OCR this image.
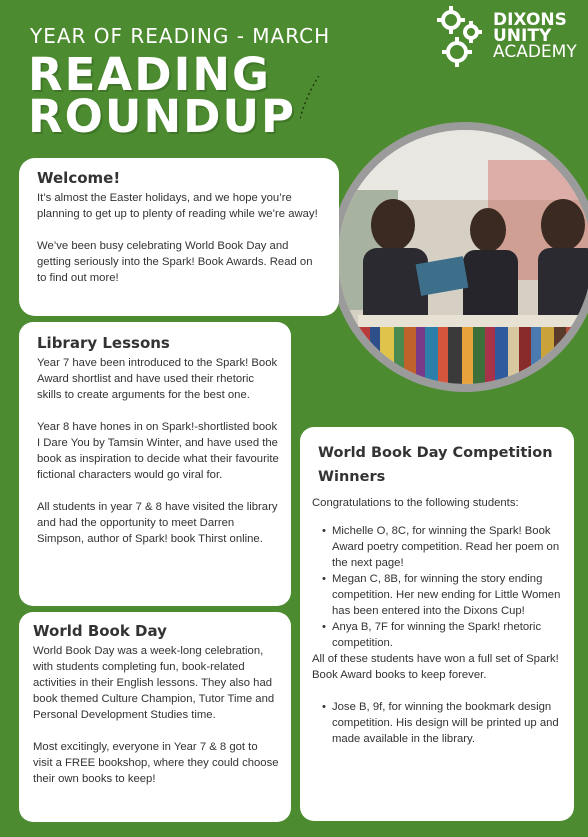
YEAR OF READING - MARCH
READING
ROUNDUP
DIXONS
UNITY
ACADEMY
Welcome!

It’s almost the Easter holidays, and we hope you’re planning to get up to plenty of reading while we’re away!

We’ve been busy celebrating World Book Day and getting seriously into the Spark! Book Awards. Read on to find out more!

Library Lessons

Year 7 have been introduced to the Spark! Book Award shortlist and have used their rhetoric skills to create arguments for the best one.

Year 8 have hones in on Spark!-shortlisted book I Dare You by Tamsin Winter, and have used the book as inspiration to decide what their favourite fictional characters would go viral for.

All students in year 7 & 8 have visited the library and had the opportunity to meet Darren Simpson, author of Spark! book Thirst online.

World Book Day

World Book Day was a week-long celebration, with students completing fun, book-related activities in their English lessons. They also had book themed Culture Champion, Tutor Time and Personal Development Studies time.

Most excitingly, everyone in Year 7 & 8 got to visit a FREE bookshop, where they could choose their own books to keep!

World Book Day Competition Winners
Congratulations to the following students:
• Michelle O, 8C, for winning the Spark! Book Award poetry competition. Read her poem on the next page!
• Megan C, 8B, for winning the story ending competition. Her new ending for Little Women has been entered into the Dixons Cup!
• Anya B, 7F for winning the Spark! rhetoric competition.
All of these students have won a full set of Spark! Book Award books to keep forever.
• Jose B, 9f, for winning the bookmark design competition. His design will be printed up and made available in the library.
